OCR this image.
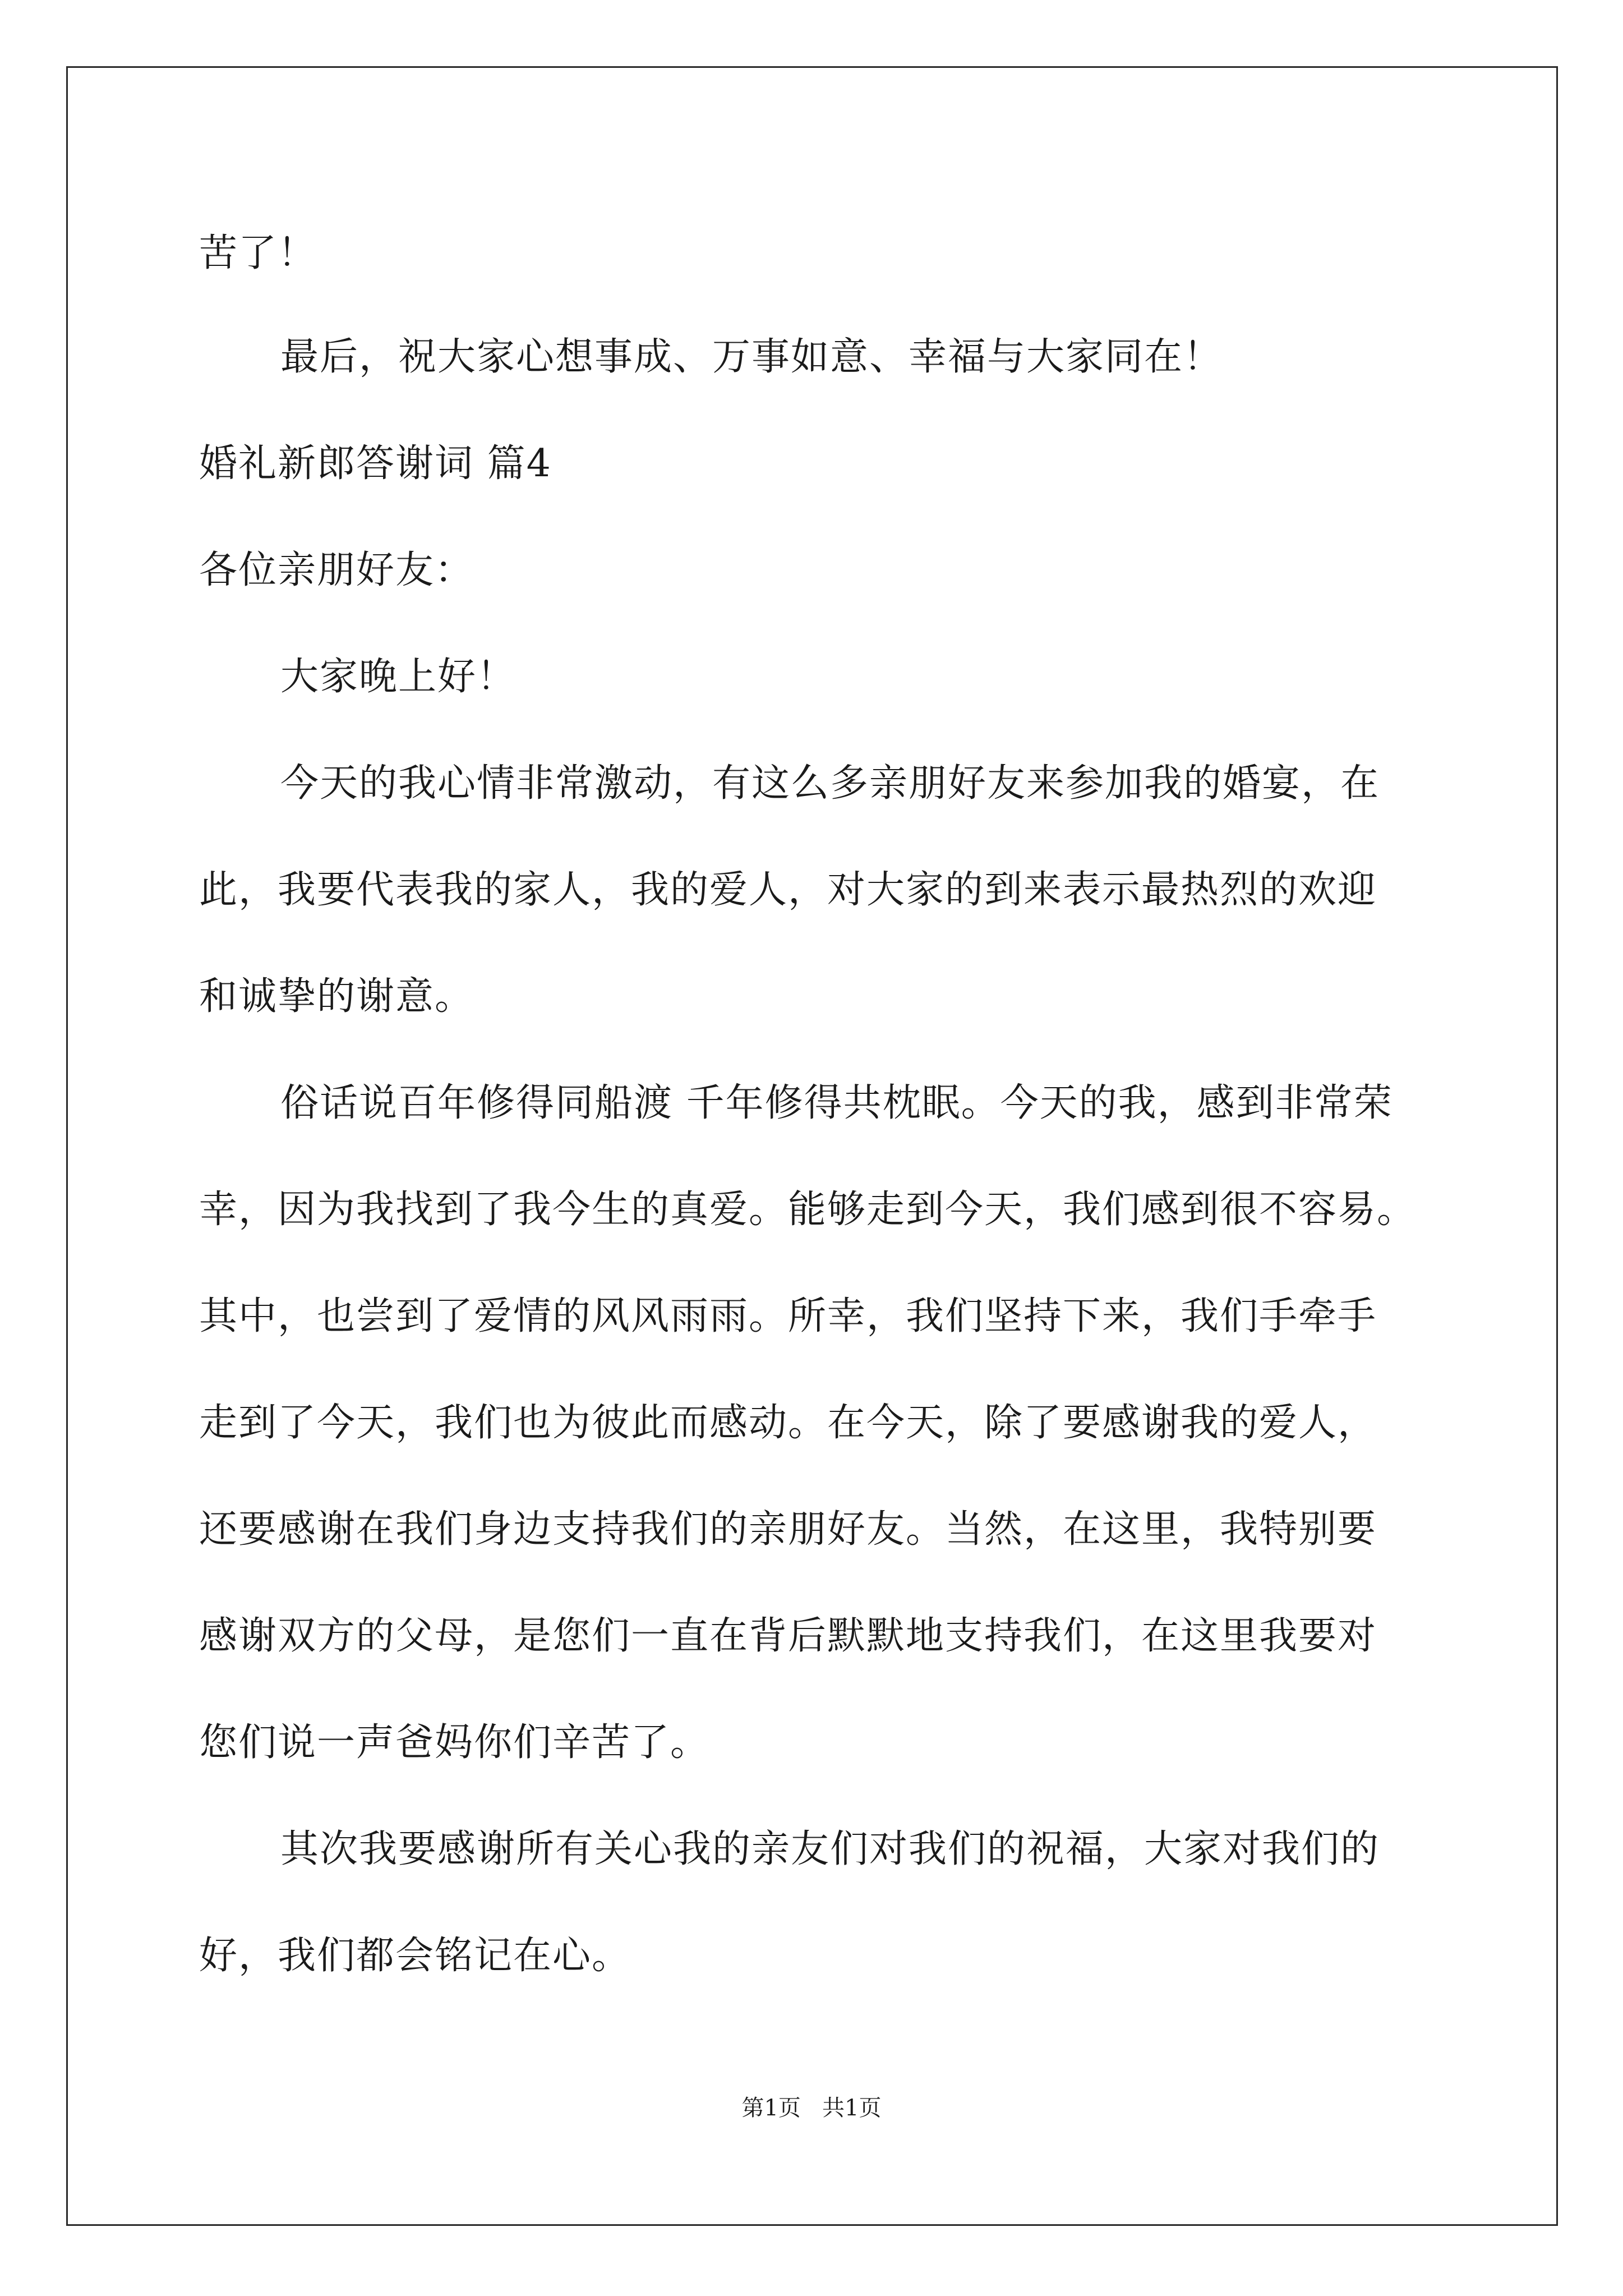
苦了！
最后，祝大家心想事成、万事如意、幸福与大家同在！
婚礼新郎答谢词 篇4
各位亲朋好友：
大家晚上好！
今天的我心情非常激动，有这么多亲朋好友来参加我的婚宴，在
此，我要代表我的家人，我的爱人，对大家的到来表示最热烈的欢迎
和诚挚的谢意。
俗话说百年修得同船渡 千年修得共枕眠。今天的我，感到非常荣
幸，因为我找到了我今生的真爱。能够走到今天，我们感到很不容易。
其中，也尝到了爱情的风风雨雨。所幸，我们坚持下来，我们手牵手
走到了今天，我们也为彼此而感动。在今天，除了要感谢我的爱人，
还要感谢在我们身边支持我们的亲朋好友。当然，在这里，我特别要
感谢双方的父母，是您们一直在背后默默地支持我们，在这里我要对
您们说一声爸妈你们辛苦了。
其次我要感谢所有关心我的亲友们对我们的祝福，大家对我们的
好，我们都会铭记在心。
第1页   共1页
